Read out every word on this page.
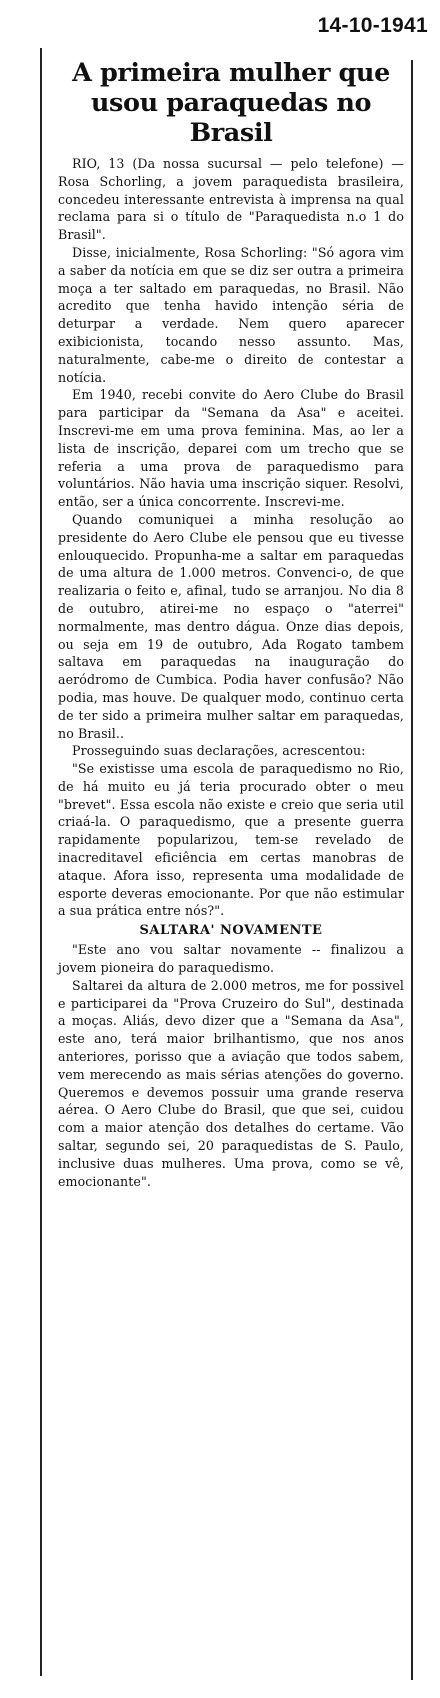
14-10-1941
A primeira mulher que
usou paraquedas no
Brasil

RIO, 13 (Da nossa sucursal — pelo telefone) — Rosa Schorling, a jovem paraquedista brasileira, concedeu interessante entrevista à imprensa na qual reclama para si o título de "Paraquedista n.o 1 do Brasil".

Disse, inicialmente, Rosa Schorling: "Só agora vim a saber da notícia em que se diz ser outra a primeira moça a ter saltado em paraquedas, no Brasil. Não acredito que tenha havido intenção séria de deturpar a verdade. Nem quero aparecer exibicionista, tocando nesso assunto. Mas, naturalmente, cabe-me o direito de contestar a notícia.

Em 1940, recebi convite do Aero Clube do Brasil para participar da "Semana da Asa" e aceitei. Inscrevi-me em uma prova feminina. Mas, ao ler a lista de inscrição, deparei com um trecho que se referia a uma prova de paraquedismo para voluntários. Não havia uma inscrição siquer. Resolvi, então, ser a única concorrente. Inscrevi-me.

Quando comuniquei a minha resolução ao presidente do Aero Clube ele pensou que eu tivesse enlouquecido. Propunha-me a saltar em paraquedas de uma altura de 1.000 metros. Convenci-o, de que realizaria o feito e, afinal, tudo se arranjou. No dia 8 de outubro, atirei-me no espaço o "aterrei" normalmente, mas dentro dágua. Onze dias depois, ou seja em 19 de outubro, Ada Rogato tambem saltava em paraquedas na inauguração do aeródromo de Cumbica. Podia haver confusão? Não podia, mas houve. De qualquer modo, continuo certa de ter sido a primeira mulher saltar em paraquedas, no Brasil..

Prosseguindo suas declarações, acrescentou:

"Se existisse uma escola de paraquedismo no Rio, de há muito eu já teria procurado obter o meu "brevet". Essa escola não existe e creio que seria util criaá-la. O paraquedismo, que a presente guerra rapidamente popularizou, tem-se revelado de inacreditavel eficiência em certas manobras de ataque. Afora isso, representa uma modalidade de esporte deveras emocionante. Por que não estimular a sua prática entre nós?".

SALTARA' NOVAMENTE

"Este ano vou saltar novamente -- finalizou a jovem pioneira do paraquedismo.

Saltarei da altura de 2.000 metros, me for possivel e participarei da "Prova Cruzeiro do Sul", destinada a moças. Aliás, devo dizer que a "Semana da Asa", este ano, terá maior brilhantismo, que nos anos anteriores, porisso que a aviação que todos sabem, vem merecendo as mais sérias atenções do governo. Queremos e devemos possuir uma grande reserva aérea. O Aero Clube do Brasil, que que sei, cuidou com a maior atenção dos detalhes do certame. Vão saltar, segundo sei, 20 paraquedistas de S. Paulo, inclusive duas mulheres. Uma prova, como se vê, emocionante".
